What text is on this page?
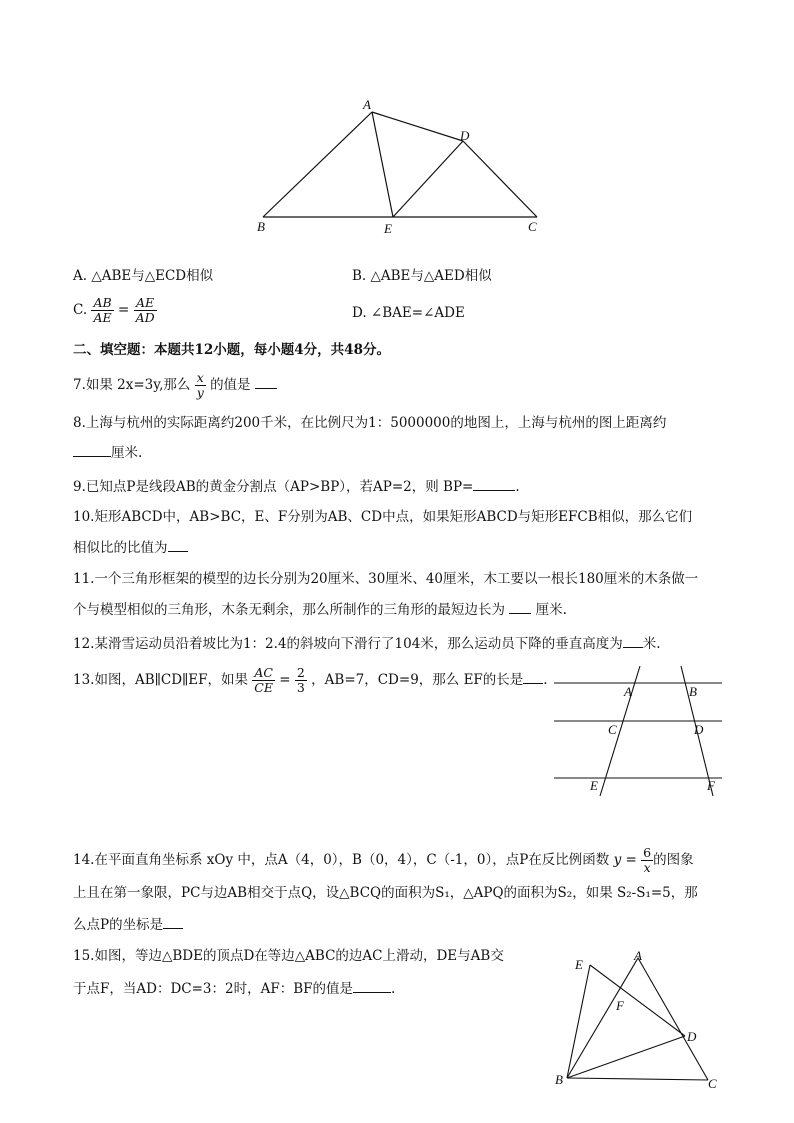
A
D
B	E	C
A. △ABE与△ECD相似	B. △ABE与△AED相似
C. $\frac{AB}{AE} = \frac{AE}{AD}$	D. ∠BAE=∠ADE
二、填空题：本题共12小题，每小题4分，共48分。
7.如果 2x=3y,那么 $\frac{x}{y}$ 的值是
8.上海与杭州的实际距离约200千米，在比例尺为1：5000000的地图上，上海与杭州的图上距离约
厘米.
9.已知点P是线段AB的黄金分割点（AP>BP），若AP=2，则 BP=	.
10.矩形ABCD中，AB>BC，E、F分别为AB、CD中点，如果矩形ABCD与矩形EFCB相似，那么它们
相似比的比值为
11.一个三角形框架的模型的边长分别为20厘米、30厘米、40厘米，木工要以一根长180厘米的木条做一
个与模型相似的三角形，木条无剩余，那么所制作的三角形的最短边长为 厘米.
12.某滑雪运动员沿着坡比为1：2.4的斜坡向下滑行了104米，那么运动员下降的垂直高度为 米.
13.如图，AB∥CD∥EF，如果 $\frac{AC}{CE} = \frac{2}{3}$ ，AB=7，CD=9，那么 EF的长是 .
A	B
C	D
E	F
14.在平面直角坐标系 xOy 中，点A（4，0），B（0，4），C（-1，0），点P在反比例函数 $y = \frac{6}{x}$ 的图象
上且在第一象限，PC与边AB相交于点Q，设△BCQ的面积为S₁，△APQ的面积为S₂，如果 S₂-S₁=5，那
么点P的坐标是
15.如图，等边△BDE的顶点D在等边△ABC的边AC上滑动，DE与AB交
于点F，当AD：DC=3：2时，AF：BF的值是	.
E
A
F
D
B	C
